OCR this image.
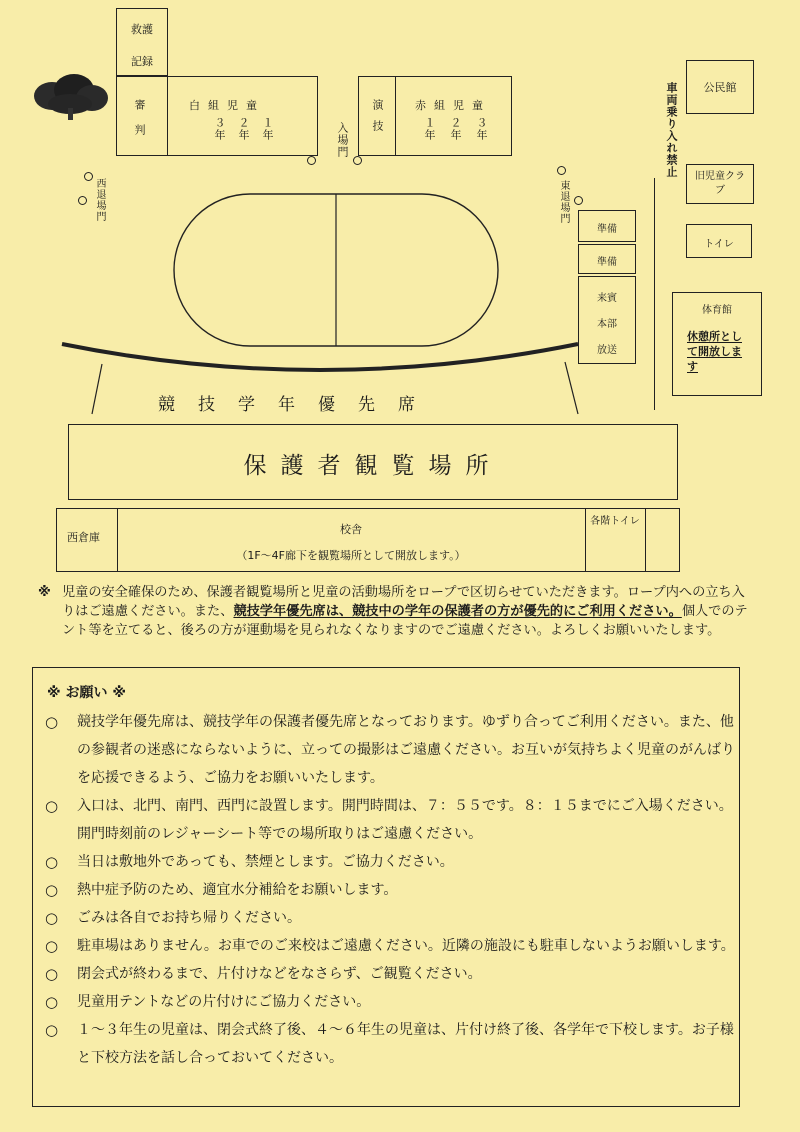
救護
記録
審判	白組児童
３年 ２年 １年	入場門 演技	赤組児童
１年 ２年 ３年	車両乗り入れ禁止	公民館
旧児童クラブ
トイレ
西退場門	東退場門
準備
準備
来賓
本部
放送
体育館
休憩所として開放します
競技学年優先席
保護者観覧場所
西倉庫
校舎
（1F～4F廊下を観覧場所として開放します。）
各階トイレ
※ 児童の安全確保のため、保護者観覧場所と児童の活動場所をロープで区切らせていただきます。ロープ内への立ち入りはご遠慮ください。また、競技学年優先席は、競技中の学年の保護者の方が優先的にご利用ください。個人でのテント等を立てると、後ろの方が運動場を見られなくなりますのでご遠慮ください。よろしくお願いいたします。

※ お願い ※
○ 競技学年優先席は、競技学年の保護者優先席となっております。ゆずり合ってご利用ください。また、他の参観者の迷惑にならないように、立っての撮影はご遠慮ください。お互いが気持ちよく児童のがんばりを応援できるよう、ご協力をお願いいたします。
○ 入口は、北門、南門、西門に設置します。開門時間は、７：５５です。８：１５までにご入場ください。開門時刻前のレジャーシート等での場所取りはご遠慮ください。
○ 当日は敷地外であっても、禁煙とします。ご協力ください。
○ 熱中症予防のため、適宜水分補給をお願いします。
○ ごみは各自でお持ち帰りください。
○ 駐車場はありません。お車でのご来校はご遠慮ください。近隣の施設にも駐車しないようお願いします。
○ 閉会式が終わるまで、片付けなどをなさらず、ご観覧ください。
○ 児童用テントなどの片付けにご協力ください。
○ １～３年生の児童は、閉会式終了後、４～６年生の児童は、片付け終了後、各学年で下校します。お子様と下校方法を話し合っておいてください。
